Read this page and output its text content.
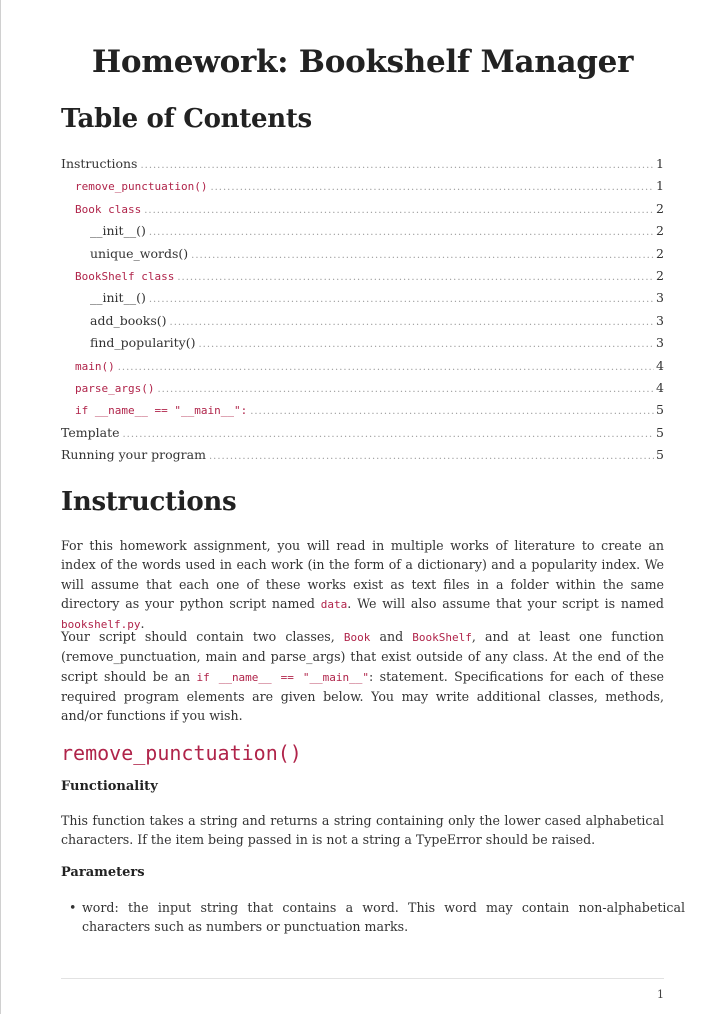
Homework: Bookshelf Manager
Table of Contents
Instructions .....	1
remove_punctuation() .....	1
Book class .....	2
__init__() .....	2
unique_words() .....	2
BookShelf class .....	2
__init__() .....	3
add_books() .....	3
find_popularity() .....	3
main() .....	4
parse_args() .....	4
if __name__ == "__main__": .....	5
Template .....	5
Running your program .....	5
Instructions

For this homework assignment, you will read in multiple works of literature to create an index of the words used in each work (in the form of a dictionary) and a popularity index. We will assume that each one of these works exist as text files in a folder within the same directory as your python script named data. We will also assume that your script is named bookshelf.py.

Your script should contain two classes, Book and BookShelf, and at least one function (remove_punctuation, main and parse_args) that exist outside of any class. At the end of the script should be an if __name__ == "__main__": statement. Specifications for each of these required program elements are given below. You may write additional classes, methods, and/or functions if you wish.

remove_punctuation()
Functionality

This function takes a string and returns a string containing only the lower cased alphabetical characters. If the item being passed in is not a string a TypeError should be raised.

Parameters
• word: the input string that contains a word. This word may contain non-alphabetical characters such as numbers or punctuation marks.
1
